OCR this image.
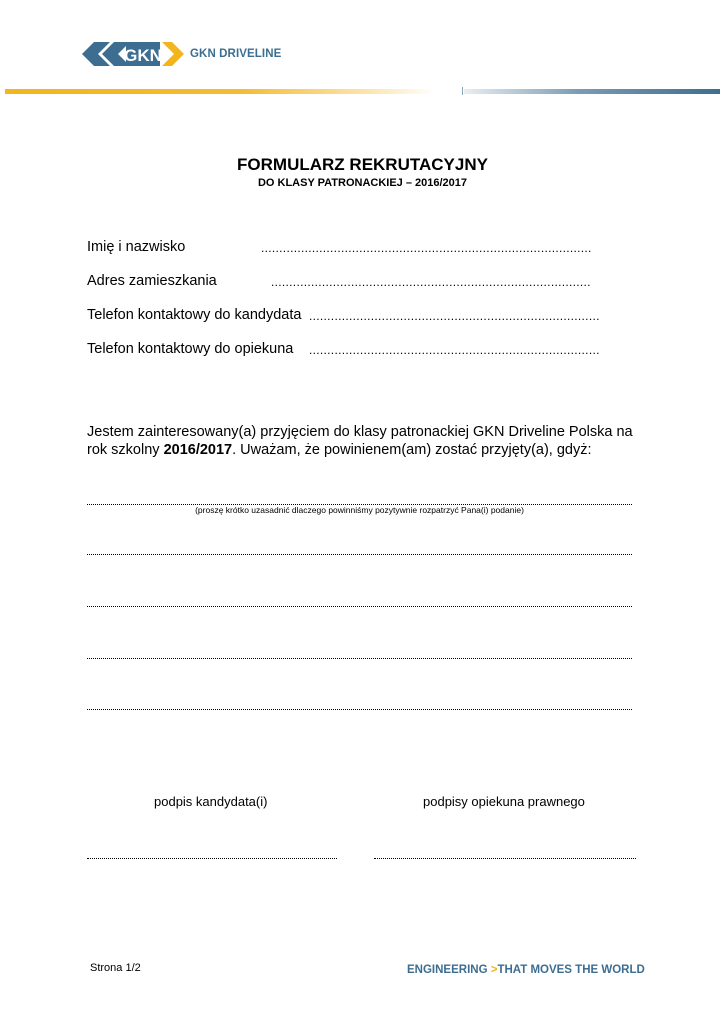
GKN GKN DRIVELINE
FORMULARZ REKRUTACYJNY
DO KLASY PATRONACKIEJ – 2016/2017
Imię i nazwisko	...........................................................................................
Adres zamieszkania	........................................................................................
Telefon kontaktowy do kandydata ................................................................................
Telefon kontaktowy do opiekuna ................................................................................
Jestem zainteresowany(a) przyjęciem do klasy patronackiej GKN Driveline Polska na rok szkolny 2016/2017. Uważam, że powinienem(am) zostać przyjęty(a), gdyż:
(proszę krótko uzasadnić dlaczego powinniśmy pozytywnie rozpatrzyć Pana(i) podanie)
podpis kandydata(i)	podpisy opiekuna prawnego
Strona 1/2	ENGINEERING >THAT MOVES THE WORLD
